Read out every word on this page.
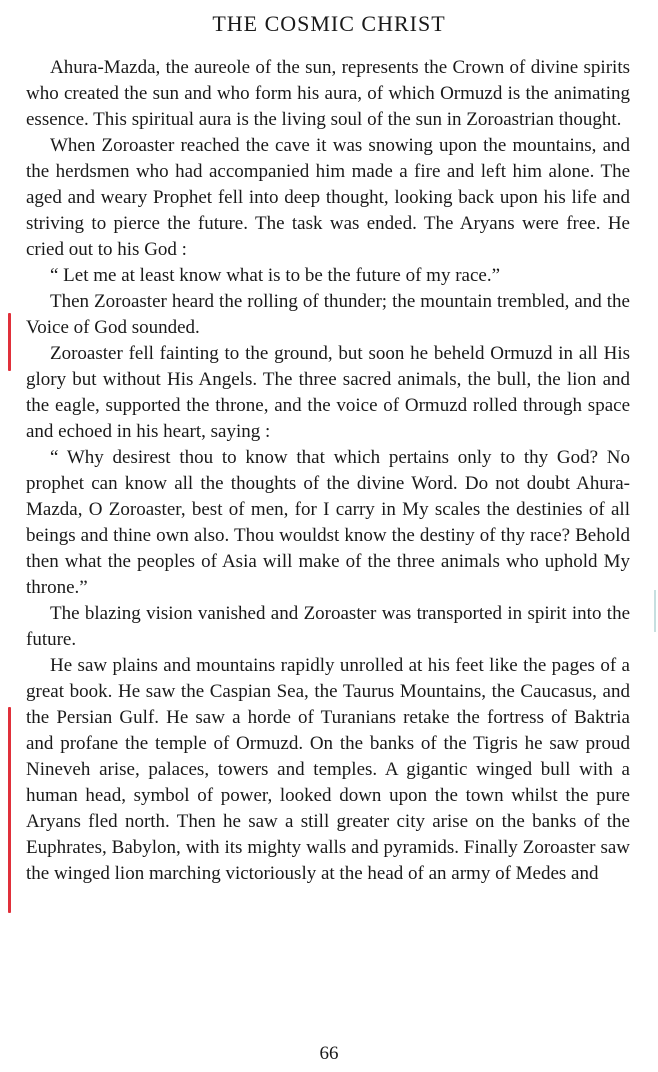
THE COSMIC CHRIST

Ahura-Mazda, the aureole of the sun, represents the Crown of divine spirits who created the sun and who form his aura, of which Ormuzd is the animating essence. This spiritual aura is the living soul of the sun in Zoroastrian thought.

When Zoroaster reached the cave it was snowing upon the mountains, and the herdsmen who had accompanied him made a fire and left him alone. The aged and weary Prophet fell into deep thought, looking back upon his life and striving to pierce the future. The task was ended. The Aryans were free. He cried out to his God :

“ Let me at least know what is to be the future of my race.”

Then Zoroaster heard the rolling of thunder; the mountain trembled, and the Voice of God sounded.

Zoroaster fell fainting to the ground, but soon he beheld Ormuzd in all His glory but without His Angels. The three sacred animals, the bull, the lion and the eagle, supported the throne, and the voice of Ormuzd rolled through space and echoed in his heart, saying :

“ Why desirest thou to know that which pertains only to thy God? No prophet can know all the thoughts of the divine Word. Do not doubt Ahura-Mazda, O Zoroaster, best of men, for I carry in My scales the destinies of all beings and thine own also. Thou wouldst know the destiny of thy race? Behold then what the peoples of Asia will make of the three animals who uphold My throne.”

The blazing vision vanished and Zoroaster was transported in spirit into the future.

He saw plains and mountains rapidly unrolled at his feet like the pages of a great book. He saw the Caspian Sea, the Taurus Mountains, the Caucasus, and the Persian Gulf. He saw a horde of Turanians retake the fortress of Baktria and profane the temple of Ormuzd. On the banks of the Tigris he saw proud Nineveh arise, palaces, towers and temples. A gigantic winged bull with a human head, symbol of power, looked down upon the town whilst the pure Aryans fled north. Then he saw a still greater city arise on the banks of the Euphrates, Babylon, with its mighty walls and pyramids. Finally Zoroaster saw the winged lion marching victoriously at the head of an army of Medes and

66
